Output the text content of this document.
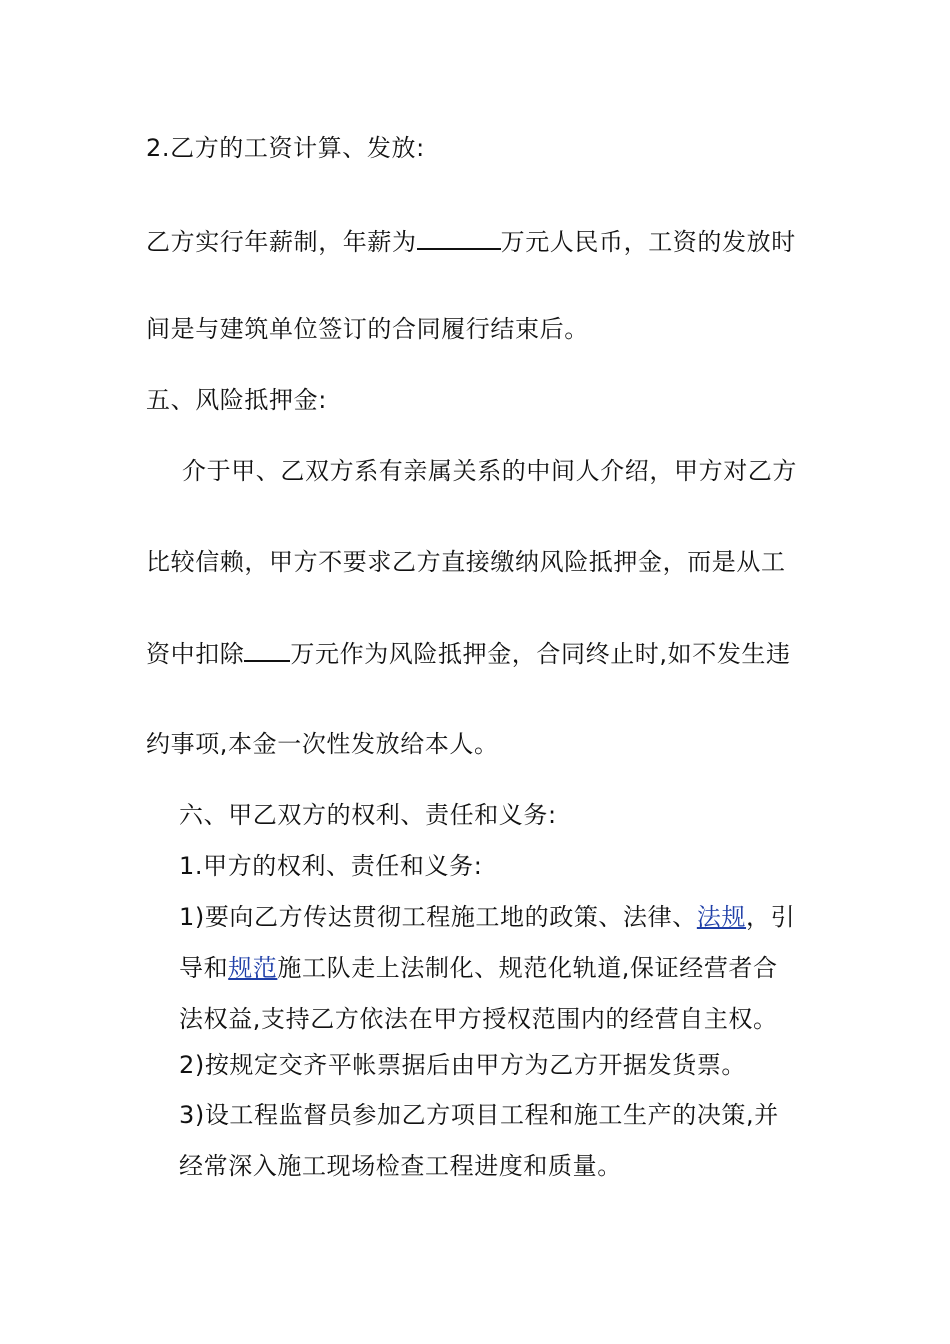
2.乙方的工资计算、发放:
乙方实行年薪制，年薪为	万元人民币，工资的发放时
间是与建筑单位签订的合同履行结束后。
五、风险抵押金:
介于甲、乙双方系有亲属关系的中间人介绍，甲方对乙方
比较信赖，甲方不要求乙方直接缴纳风险抵押金，而是从工
资中扣除 万元作为风险抵押金，合同终止时,如不发生违
约事项,本金一次性发放给本人。
六、甲乙双方的权利、责任和义务:
1.甲方的权利、责任和义务:
1)要向乙方传达贯彻工程施工地的政策、法律、法规，引
导和规范施工队走上法制化、规范化轨道,保证经营者合
法权益,支持乙方依法在甲方授权范围内的经营自主权。
2)按规定交齐平帐票据后由甲方为乙方开据发货票。
3)设工程监督员参加乙方项目工程和施工生产的决策,并
经常深入施工现场检查工程进度和质量。
